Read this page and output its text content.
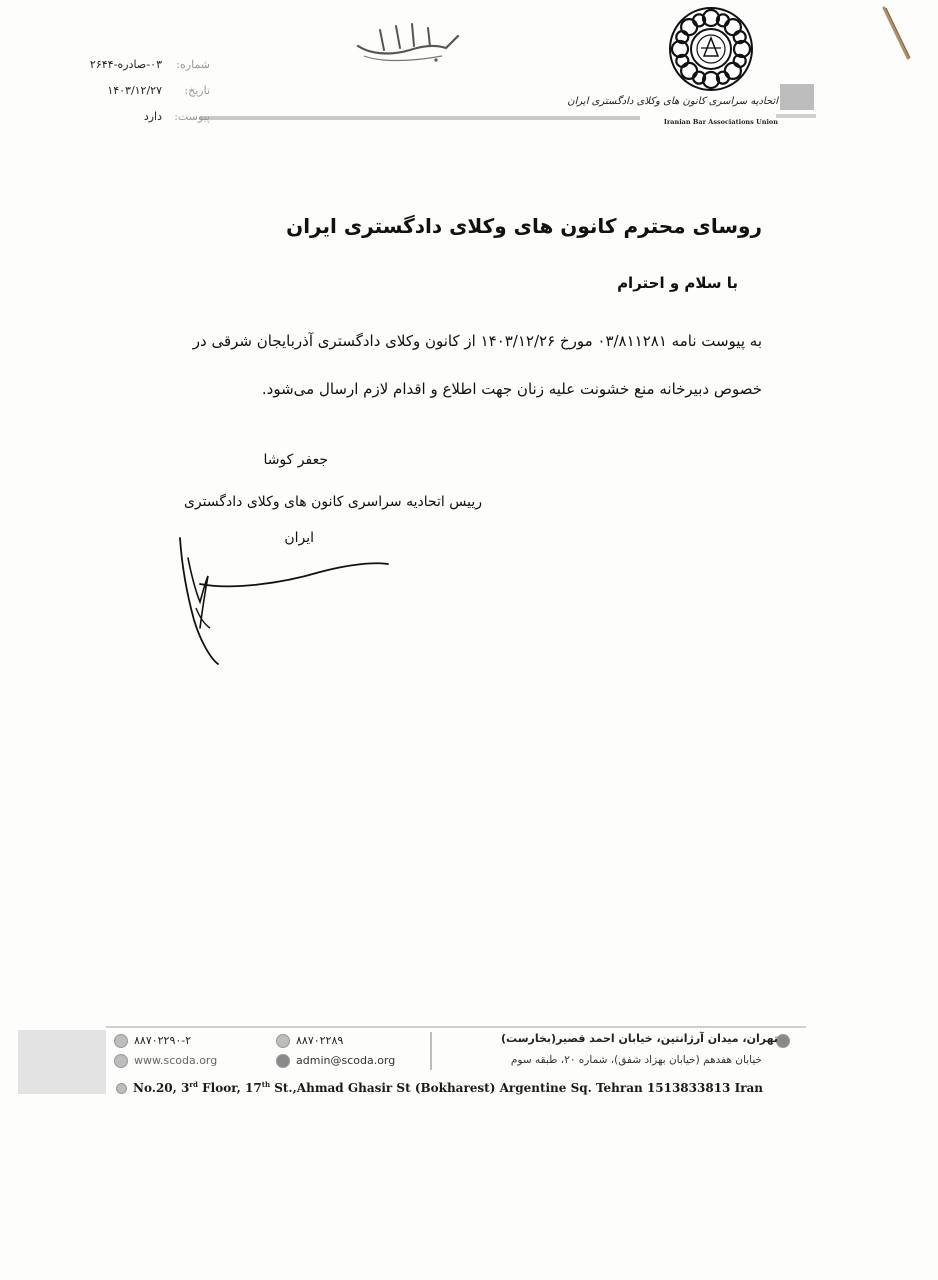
اتحادیه سراسری کانون های وکلای دادگستری ایران
Iranian Bar Associations Union
شماره:
۰۳-صادره-۲۶۴۴
تاریخ:
۱۴۰۳/۱۲/۲۷
پیوست:
دارد
روسای محترم کانون های وکلای دادگستری ایران
با سلام و احترام
به پیوست نامه ۰۳/۸۱۱۲۸۱ مورخ ۱۴۰۳/۱۲/۲۶ از کانون وکلای دادگستری آذربایجان شرقی در
خصوص دبیرخانه منع خشونت علیه زنان جهت اطلاع و اقدام لازم ارسال می‌شود.
جعفر کوشا
رییس اتحادیه سراسری کانون های وکلای دادگستری
ایران
۸۸۷۰۲۲۹۰-۲
www.scoda.org
۸۸۷۰۲۲۸۹
admin@scoda.org
تهران، میدان آرژانتین، خیابان احمد قصیر(بخارست)
خیابان هفدهم (خیابان بهزاد شفق)، شماره ۲۰، طبقه سوم
No.20, 3rd Floor, 17th St.,Ahmad Ghasir St (Bokharest) Argentine Sq. Tehran 1513833813 Iran
